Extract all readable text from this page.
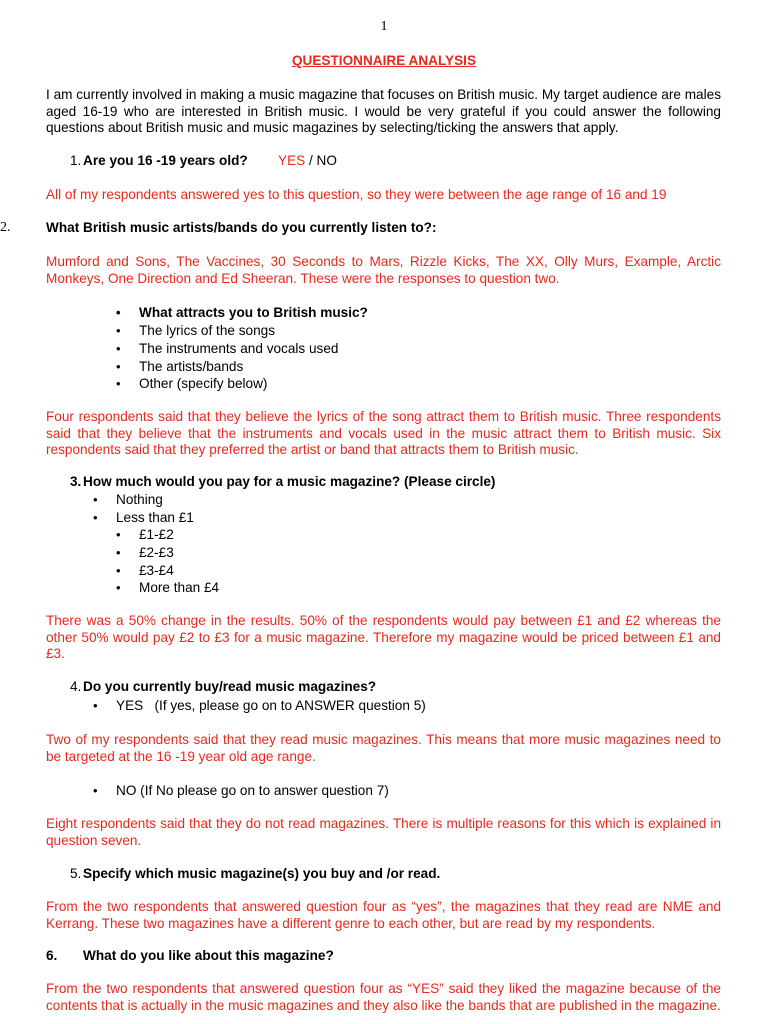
1
QUESTIONNAIRE ANALYSIS
I am currently involved in making a music magazine that focuses on British music. My target audience are males aged 16-19 who are interested in British music. I would be very grateful if you could answer the following questions about British music and music magazines by selecting/ticking the answers that apply.
1. Are you 16 -19 years old? YES / NO
All of my respondents answered yes to this question, so they were between the age range of 16 and 19
2.	What British music artists/bands do you currently listen to?:
Mumford and Sons, The Vaccines, 30 Seconds to Mars, Rizzle Kicks, The XX, Olly Murs, Example, Arctic Monkeys, One Direction and Ed Sheeran. These were the responses to question two.
• What attracts you to British music?
• The lyrics of the songs
• The instruments and vocals used
• The artists/bands
• Other (specify below)
Four respondents said that they believe the lyrics of the song attract them to British music. Three respondents said that they believe that the instruments and vocals used in the music attract them to British music. Six respondents said that they preferred the artist or band that attracts them to British music.
3. How much would you pay for a music magazine? (Please circle)
• Nothing
• Less than £1
• £1-£2
• £2-£3
• £3-£4
• More than £4
There was a 50% change in the results. 50% of the respondents would pay between £1 and £2 whereas the other 50% would pay £2 to £3 for a music magazine. Therefore my magazine would be priced between £1 and £3.
4. Do you currently buy/read music magazines?
• YES   (If yes, please go on to ANSWER question 5)
Two of my respondents said that they read music magazines. This means that more music magazines need to be targeted at the 16 -19 year old age range.
• NO (If No please go on to answer question 7)
Eight respondents said that they do not read magazines. There is multiple reasons for this which is explained in question seven.
5. Specify which music magazine(s) you buy and /or read.
From the two respondents that answered question four as “yes”, the magazines that they read are NME and Kerrang. These two magazines have a different genre to each other, but are read by my respondents.
6. What do you like about this magazine?
From the two respondents that answered question four as “YES” said they liked the magazine because of the contents that is actually in the music magazines and they also like the bands that are published in the magazine.
